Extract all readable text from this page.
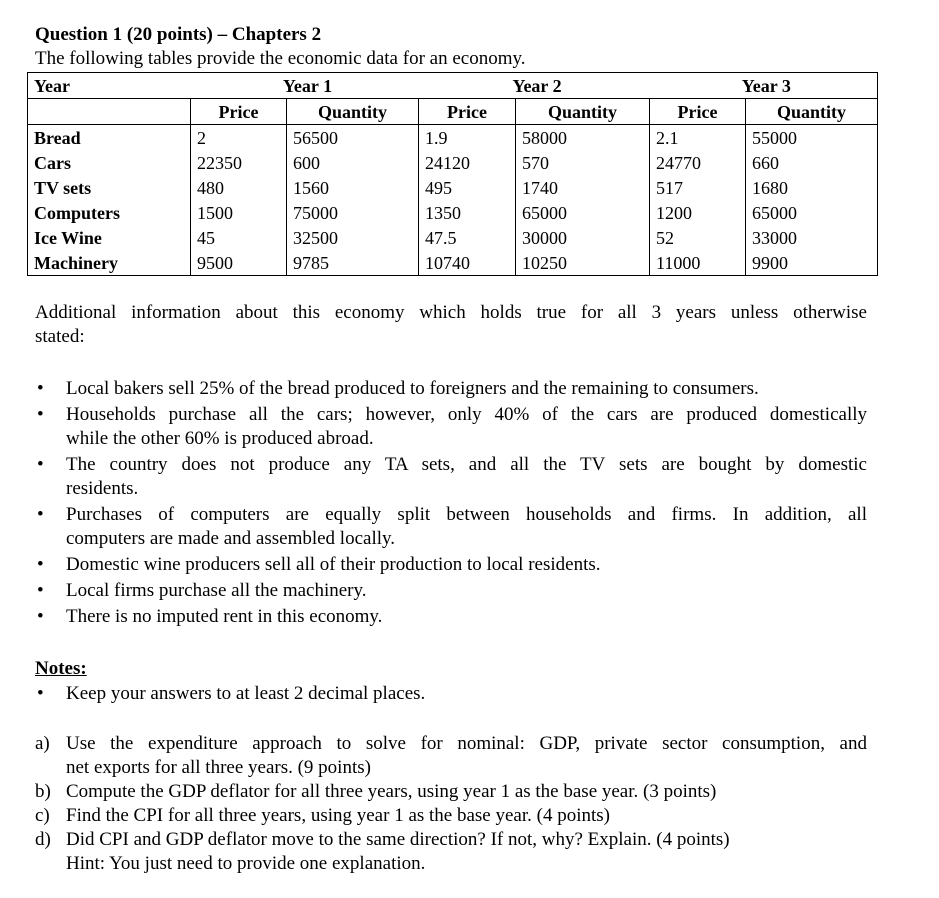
Question 1 (20 points) – Chapters 2

The following tables provide the economic data for an economy.

Year	Year 1		Year 2		Year 3	
	Price	Quantity	Price	Quantity	Price	Quantity
Bread	2	56500	1.9	58000	2.1	55000
Cars	22350	600	24120	570	24770	660
TV sets	480	1560	495	1740	517	1680
Computers	1500	75000	1350	65000	1200	65000
Ice Wine	45	32500	47.5	30000	52	33000
Machinery	9500	9785	10740	10250	11000	9900

Additional information about this economy which holds true for all 3 years unless otherwise
stated:

• Local bakers sell 25% of the bread produced to foreigners and the remaining to consumers.
• Households purchase all the cars; however, only 40% of the cars are produced domestically
while the other 60% is produced abroad.
• The country does not produce any TA sets, and all the TV sets are bought by domestic
residents.
• Purchases of computers are equally split between households and firms. In addition, all
computers are made and assembled locally.
• Domestic wine producers sell all of their production to local residents.
• Local firms purchase all the machinery.
• There is no imputed rent in this economy.

Notes:

• Keep your answers to at least 2 decimal places.

a) Use the expenditure approach to solve for nominal: GDP, private sector consumption, and
net exports for all three years. (9 points)
b) Compute the GDP deflator for all three years, using year 1 as the base year. (3 points)
c) Find the CPI for all three years, using year 1 as the base year. (4 points)
d) Did CPI and GDP deflator move to the same direction? If not, why? Explain. (4 points)
Hint: You just need to provide one explanation.
